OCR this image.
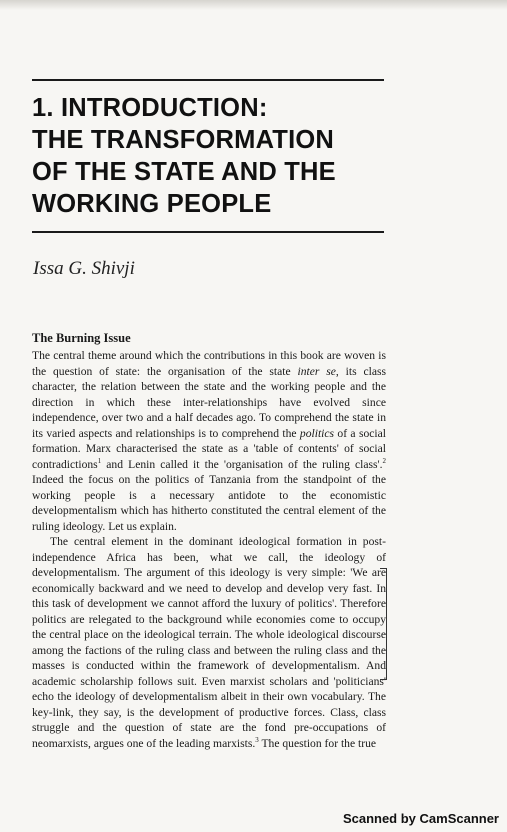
1. INTRODUCTION:
THE TRANSFORMATION
OF THE STATE AND THE
WORKING PEOPLE
Issa G. Shivji
The Burning Issue

The central theme around which the contributions in this book are woven is the question of state: the organisation of the state inter se, its class character, the relation between the state and the working people and the direction in which these inter-relationships have evolved since independence, over two and a half decades ago. To comprehend the state in its varied aspects and relationships is to comprehend the politics of a social formation. Marx characterised the state as a 'table of contents' of social contradictions$^1$ and Lenin called it the 'organisation of the ruling class'.$^2$ Indeed the focus on the politics of Tanzania from the standpoint of the working people is a necessary antidote to the economistic developmentalism which has hitherto constituted the central element of the ruling ideology. Let us explain.

The central element in the dominant ideological formation in post-independence Africa has been, what we call, the ideology of developmentalism. The argument of this ideology is very simple: 'We are economically backward and we need to develop and develop very fast. In this task of development we cannot afford the luxury of politics'. Therefore politics are relegated to the background while economies come to occupy the central place on the ideological terrain. The whole ideological discourse among the factions of the ruling class and between the ruling class and the masses is conducted within the framework of developmentalism. And academic scholarship follows suit. Even marxist scholars and 'politicians' echo the ideology of developmentalism albeit in their own vocabulary. The key-link, they say, is the development of productive forces. Class, class struggle and the question of state are the fond pre-occupations of neomarxists, argues one of the leading marxists.$^3$ The question for the true

Scanned by CamScanner
